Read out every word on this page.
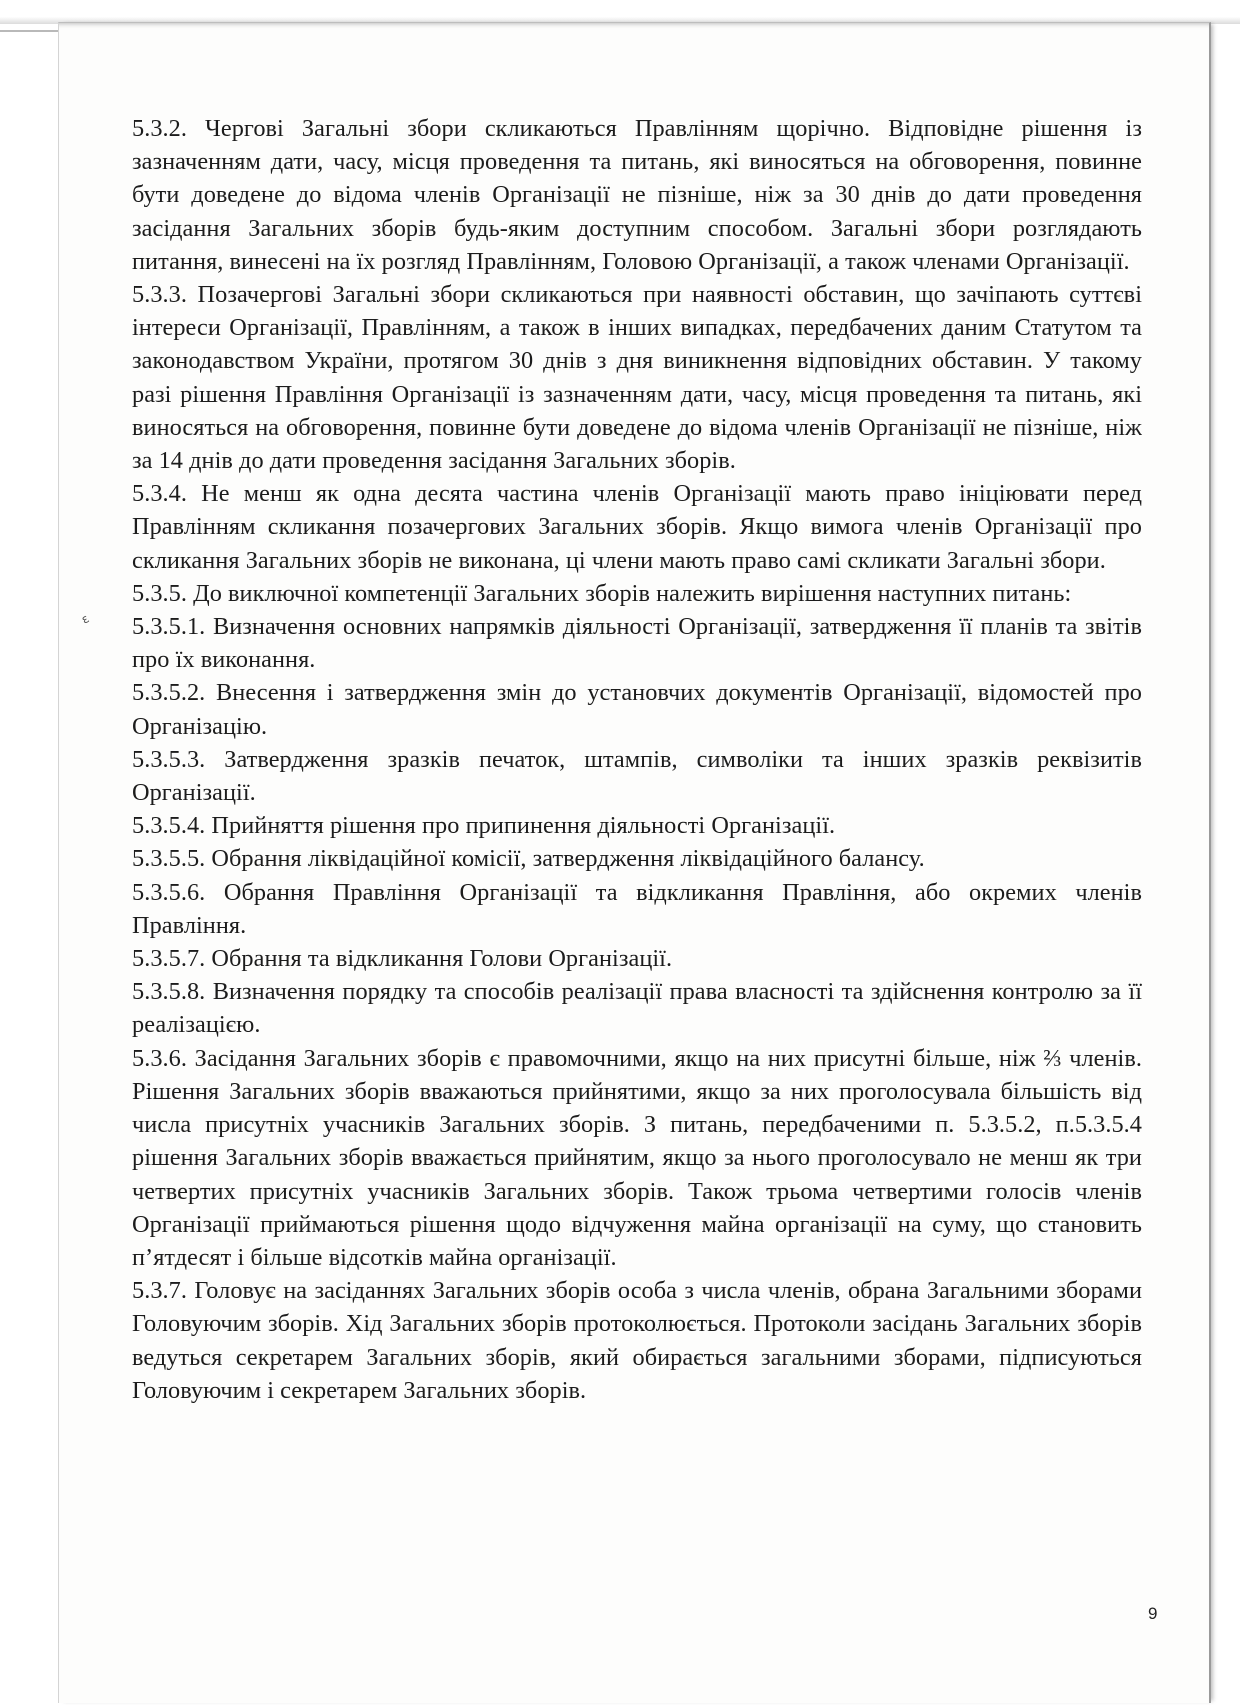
ɛ

5.3.2. Чергові Загальні збори скликаються Правлінням щорічно. Відповідне рішення із зазначенням дати, часу, місця проведення та питань, які виносяться на обговорення, повинне бути доведене до відома членів Організації не пізніше, ніж за 30 днів до дати проведення засідання Загальних зборів будь-яким доступним способом. Загальні збори розглядають питання, винесені на їх розгляд Правлінням, Головою Організації, а також членами Організації.

5.3.3. Позачергові Загальні збори скликаються при наявності обставин, що зачіпають суттєві інтереси Організації, Правлінням, а також в інших випадках, передбачених даним Статутом та законодавством України, протягом 30 днів з дня виникнення відповідних обставин. У такому разі рішення Правління Організації із зазначенням дати, часу, місця проведення та питань, які виносяться на обговорення, повинне бути доведене до відома членів Організації не пізніше, ніж за 14 днів до дати проведення засідання Загальних зборів.

5.3.4. Не менш як одна десята частина членів Організації мають право ініціювати перед Правлінням скликання позачергових Загальних зборів. Якщо вимога членів Організації про скликання Загальних зборів не виконана, ці члени мають право самі скликати Загальні збори.

5.3.5. До виключної компетенції Загальних зборів належить вирішення наступних питань:

5.3.5.1. Визначення основних напрямків діяльності Організації, затвердження її планів та звітів про їх виконання.

5.3.5.2. Внесення і затвердження змін до установчих документів Організації, відомостей про Організацію.

5.3.5.3. Затвердження зразків печаток, штампів, символіки та інших зразків реквізитів Організації.

5.3.5.4. Прийняття рішення про припинення діяльності Організації.

5.3.5.5. Обрання ліквідаційної комісії, затвердження ліквідаційного балансу.

5.3.5.6. Обрання Правління Організації та відкликання Правління, або окремих членів Правління.

5.3.5.7. Обрання та відкликання Голови Організації.

5.3.5.8. Визначення порядку та способів реалізації права власності та здійснення контролю за її реалізацією.

5.3.6. Засідання Загальних зборів є правомочними, якщо на них присутні більше, ніж ⅔ членів. Рішення Загальних зборів вважаються прийнятими, якщо за них проголосувала більшість від числа присутніх учасників Загальних зборів. З питань, передбаченими п. 5.3.5.2, п.5.3.5.4 рішення Загальних зборів вважається прийнятим, якщо за нього проголосувало не менш як три четвертих присутніх учасників Загальних зборів. Також трьома четвертими голосів членів Організації приймаються рішення щодо відчуження майна організації на суму, що становить п’ятдесят і більше відсотків майна організації.

5.3.7. Головує на засіданнях Загальних зборів особа з числа членів, обрана Загальними зборами Головуючим зборів. Хід Загальних зборів протоколюється. Протоколи засідань Загальних зборів ведуться секретарем Загальних зборів, який обирається загальними зборами, підписуються Головуючим і секретарем Загальних зборів.

9
